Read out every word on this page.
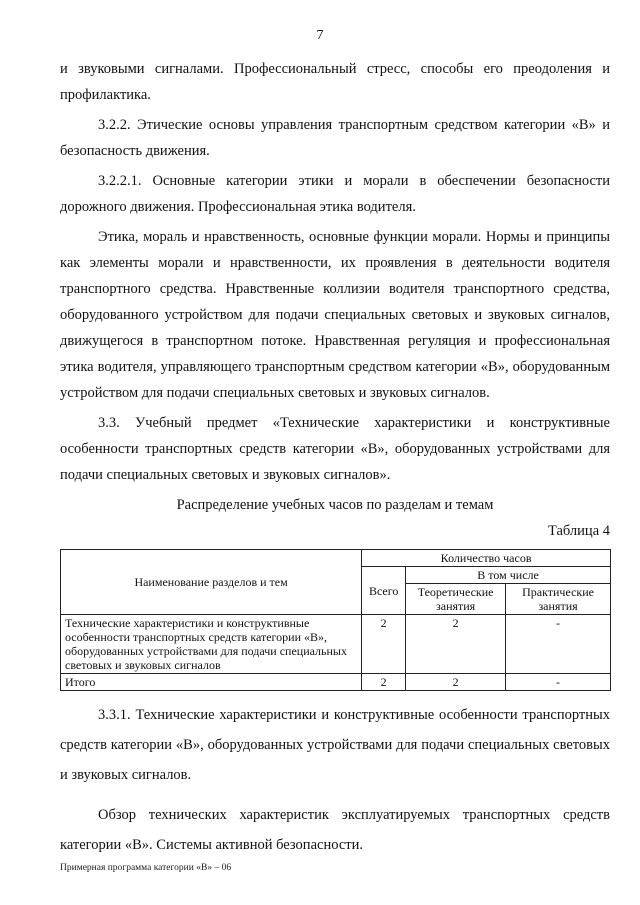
7

и звуковыми сигналами. Профессиональный стресс, способы его преодоления и профилактика.

3.2.2. Этические основы управления транспортным средством категории «В» и безопасность движения.

3.2.2.1. Основные категории этики и морали в обеспечении безопасности дорожного движения. Профессиональная этика водителя.

Этика, мораль и нравственность, основные функции морали. Нормы и принципы как элементы морали и нравственности, их проявления в деятельности водителя транспортного средства. Нравственные коллизии водителя транспортного средства, оборудованного устройством для подачи специальных световых и звуковых сигналов, движущегося в транспортном потоке. Нравственная регуляция и профессиональная этика водителя, управляющего транспортным средством категории «В», оборудованным устройством для подачи специальных световых и звуковых сигналов.

3.3. Учебный предмет «Технические характеристики и конструктивные особенности транспортных средств категории «В», оборудованных устройствами для подачи специальных световых и звуковых сигналов».

Распределение учебных часов по разделам и темам

Таблица 4

Наименование разделов и тем	Количество часов		
	Всего	В том числе	
		Теоретические занятия	Практические занятия
Технические характеристики и конструктивные особенности транспортных средств категории «В», оборудованных устройствами для подачи специальных световых и звуковых сигналов	2	2	-
Итого	2	2	-

3.3.1. Технические характеристики и конструктивные особенности транспортных средств категории «В», оборудованных устройствами для подачи специальных световых и звуковых сигналов.

Обзор технических характеристик эксплуатируемых транспортных средств категории «В». Системы активной безопасности.

Примерная программа категории «В» – 06
